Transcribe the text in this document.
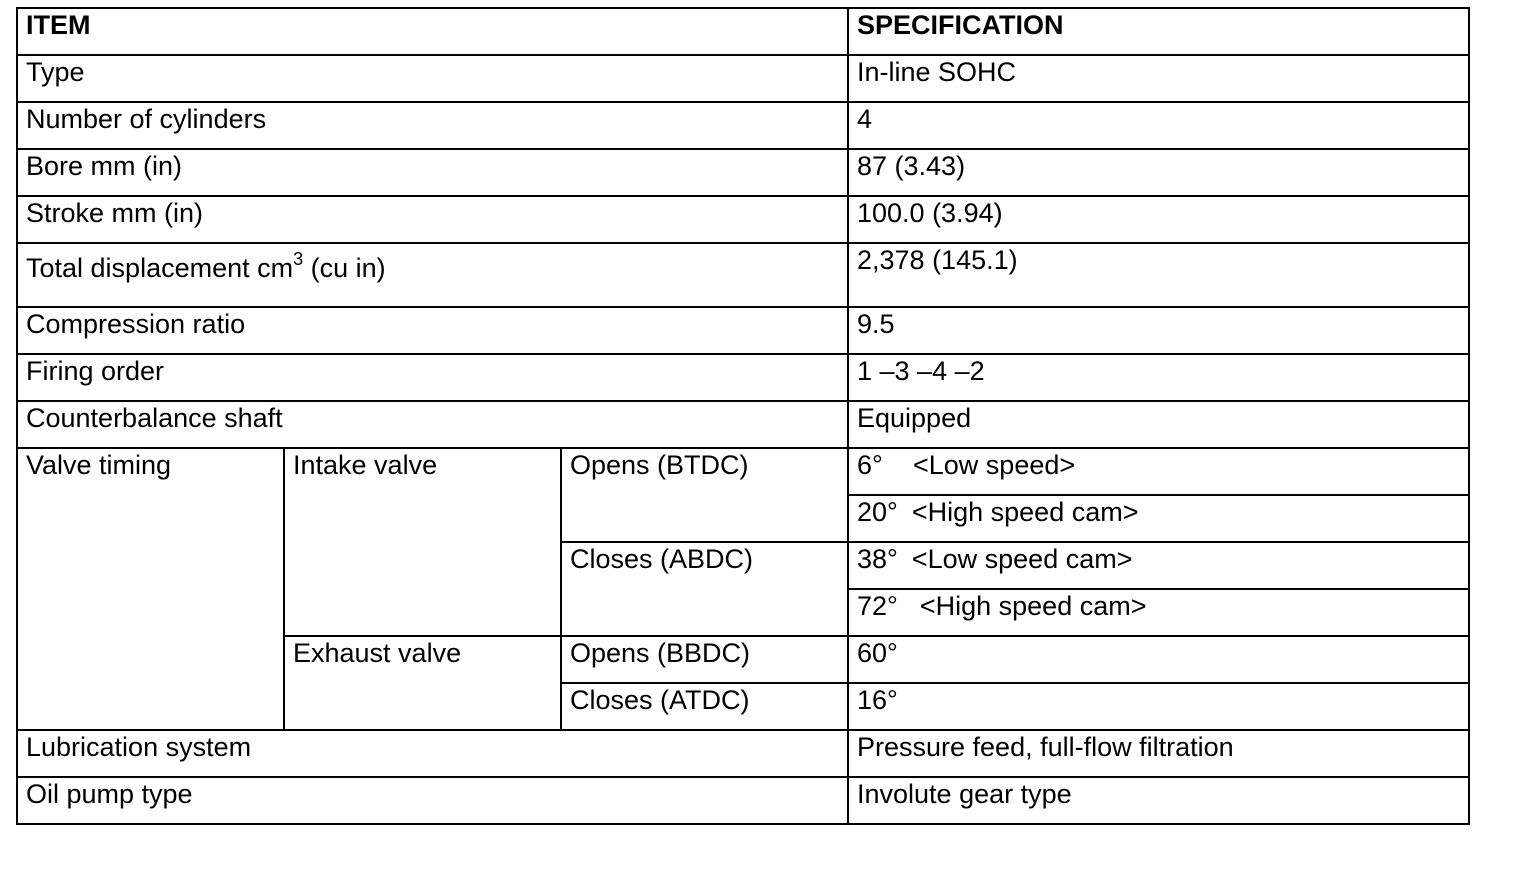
ITEM			SPECIFICATION
Type			In-line SOHC
Number of cylinders			4
Bore mm (in)			87 (3.43)
Stroke mm (in)			100.0 (3.94)
Total displacement $cm^3$ (cu in)			2,378 (145.1)
Compression ratio			9.5
Firing order			1 –3 –4 –2
Counterbalance shaft			Equipped
Valve timing	Intake valve	Opens (BTDC)	6° <Low speed>
			20° <High speed cam>
		Closes (ABDC)	38° <Low speed cam>
			72° <High speed cam>
	Exhaust valve	Opens (BBDC)	60°
		Closes (ATDC)	16°
Lubrication system			Pressure feed, full-flow filtration
Oil pump type			Involute gear type
